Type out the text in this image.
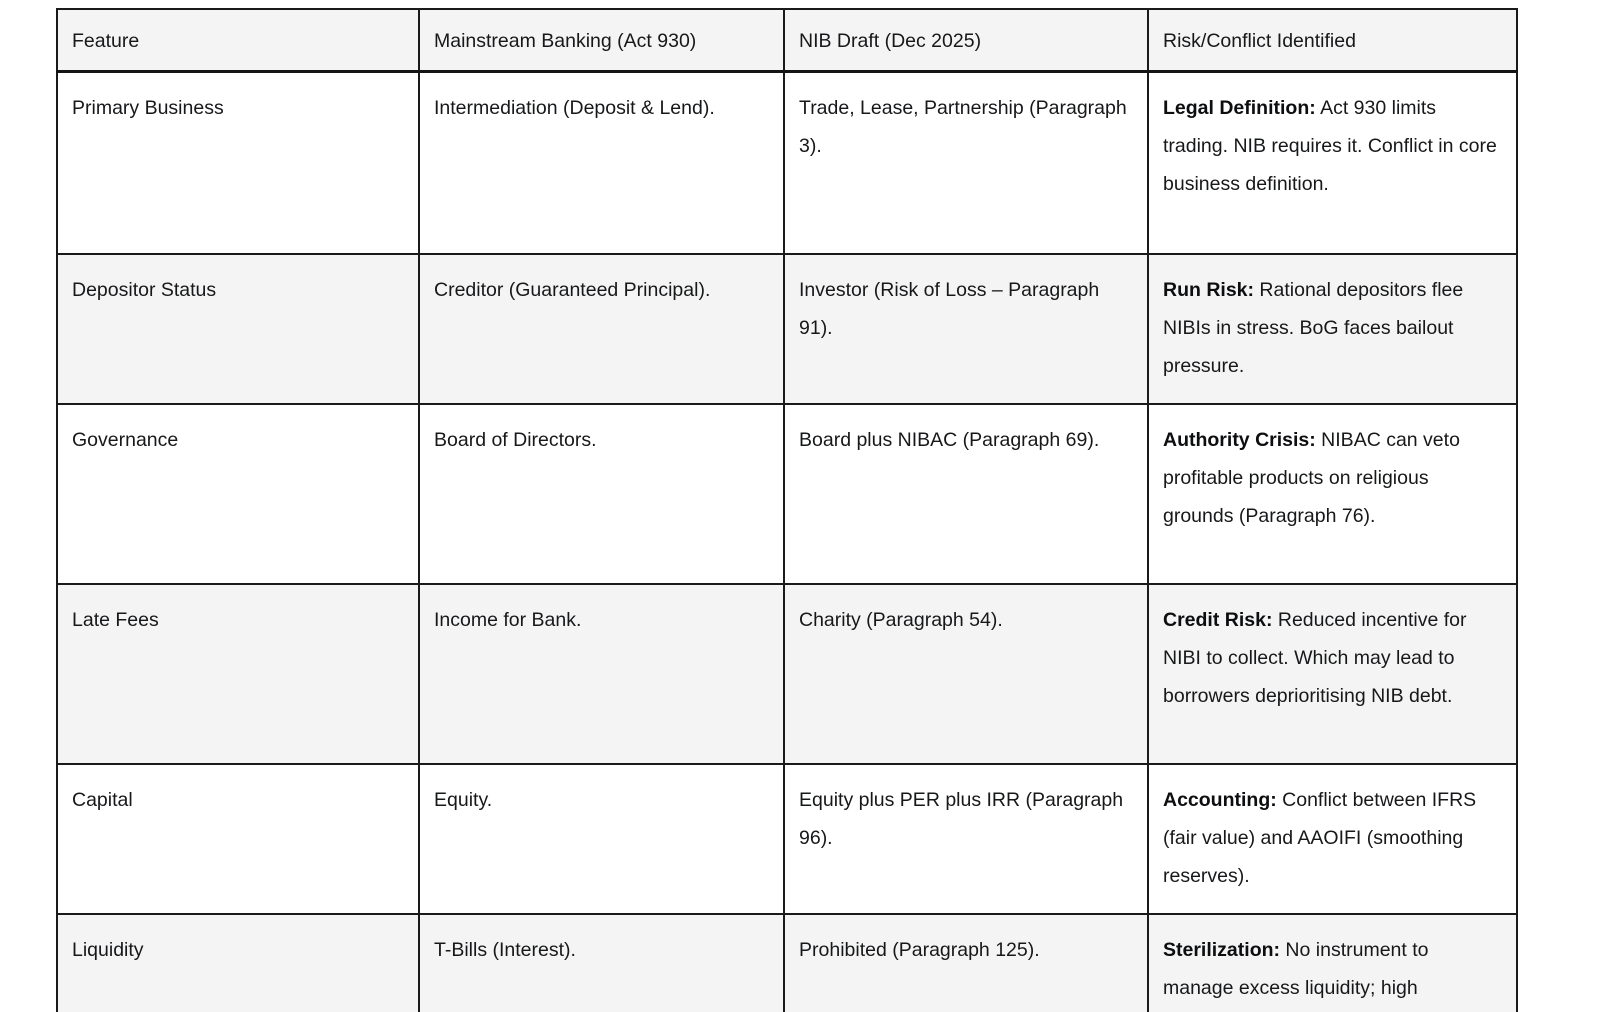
Feature	Mainstream Banking (Act 930)	NIB Draft (Dec 2025)	Risk/Conflict Identified

Primary Business	Intermediation (Deposit & Lend).	Trade, Lease, Partnership (Paragraph 3).	Legal Definition: Act 930 limits trading. NIB requires it. Conflict in core business definition.

Depositor Status	Creditor (Guaranteed Principal).	Investor (Risk of Loss – Paragraph 91).	Run Risk: Rational depositors flee NIBIs in stress. BoG faces bailout pressure.

Governance	Board of Directors.	Board plus NIBAC (Paragraph 69).	Authority Crisis: NIBAC can veto profitable products on religious grounds (Paragraph 76).

Late Fees	Income for Bank.	Charity (Paragraph 54).	Credit Risk: Reduced incentive for NIBI to collect. Which may lead to borrowers deprioritising NIB debt.

Capital	Equity.	Equity plus PER plus IRR (Paragraph 96).	Accounting: Conflict between IFRS (fair value) and AAOIFI (smoothing reserves).

Liquidity	T-Bills (Interest).	Prohibited (Paragraph 125).	Sterilization: No instrument to manage excess liquidity; high
